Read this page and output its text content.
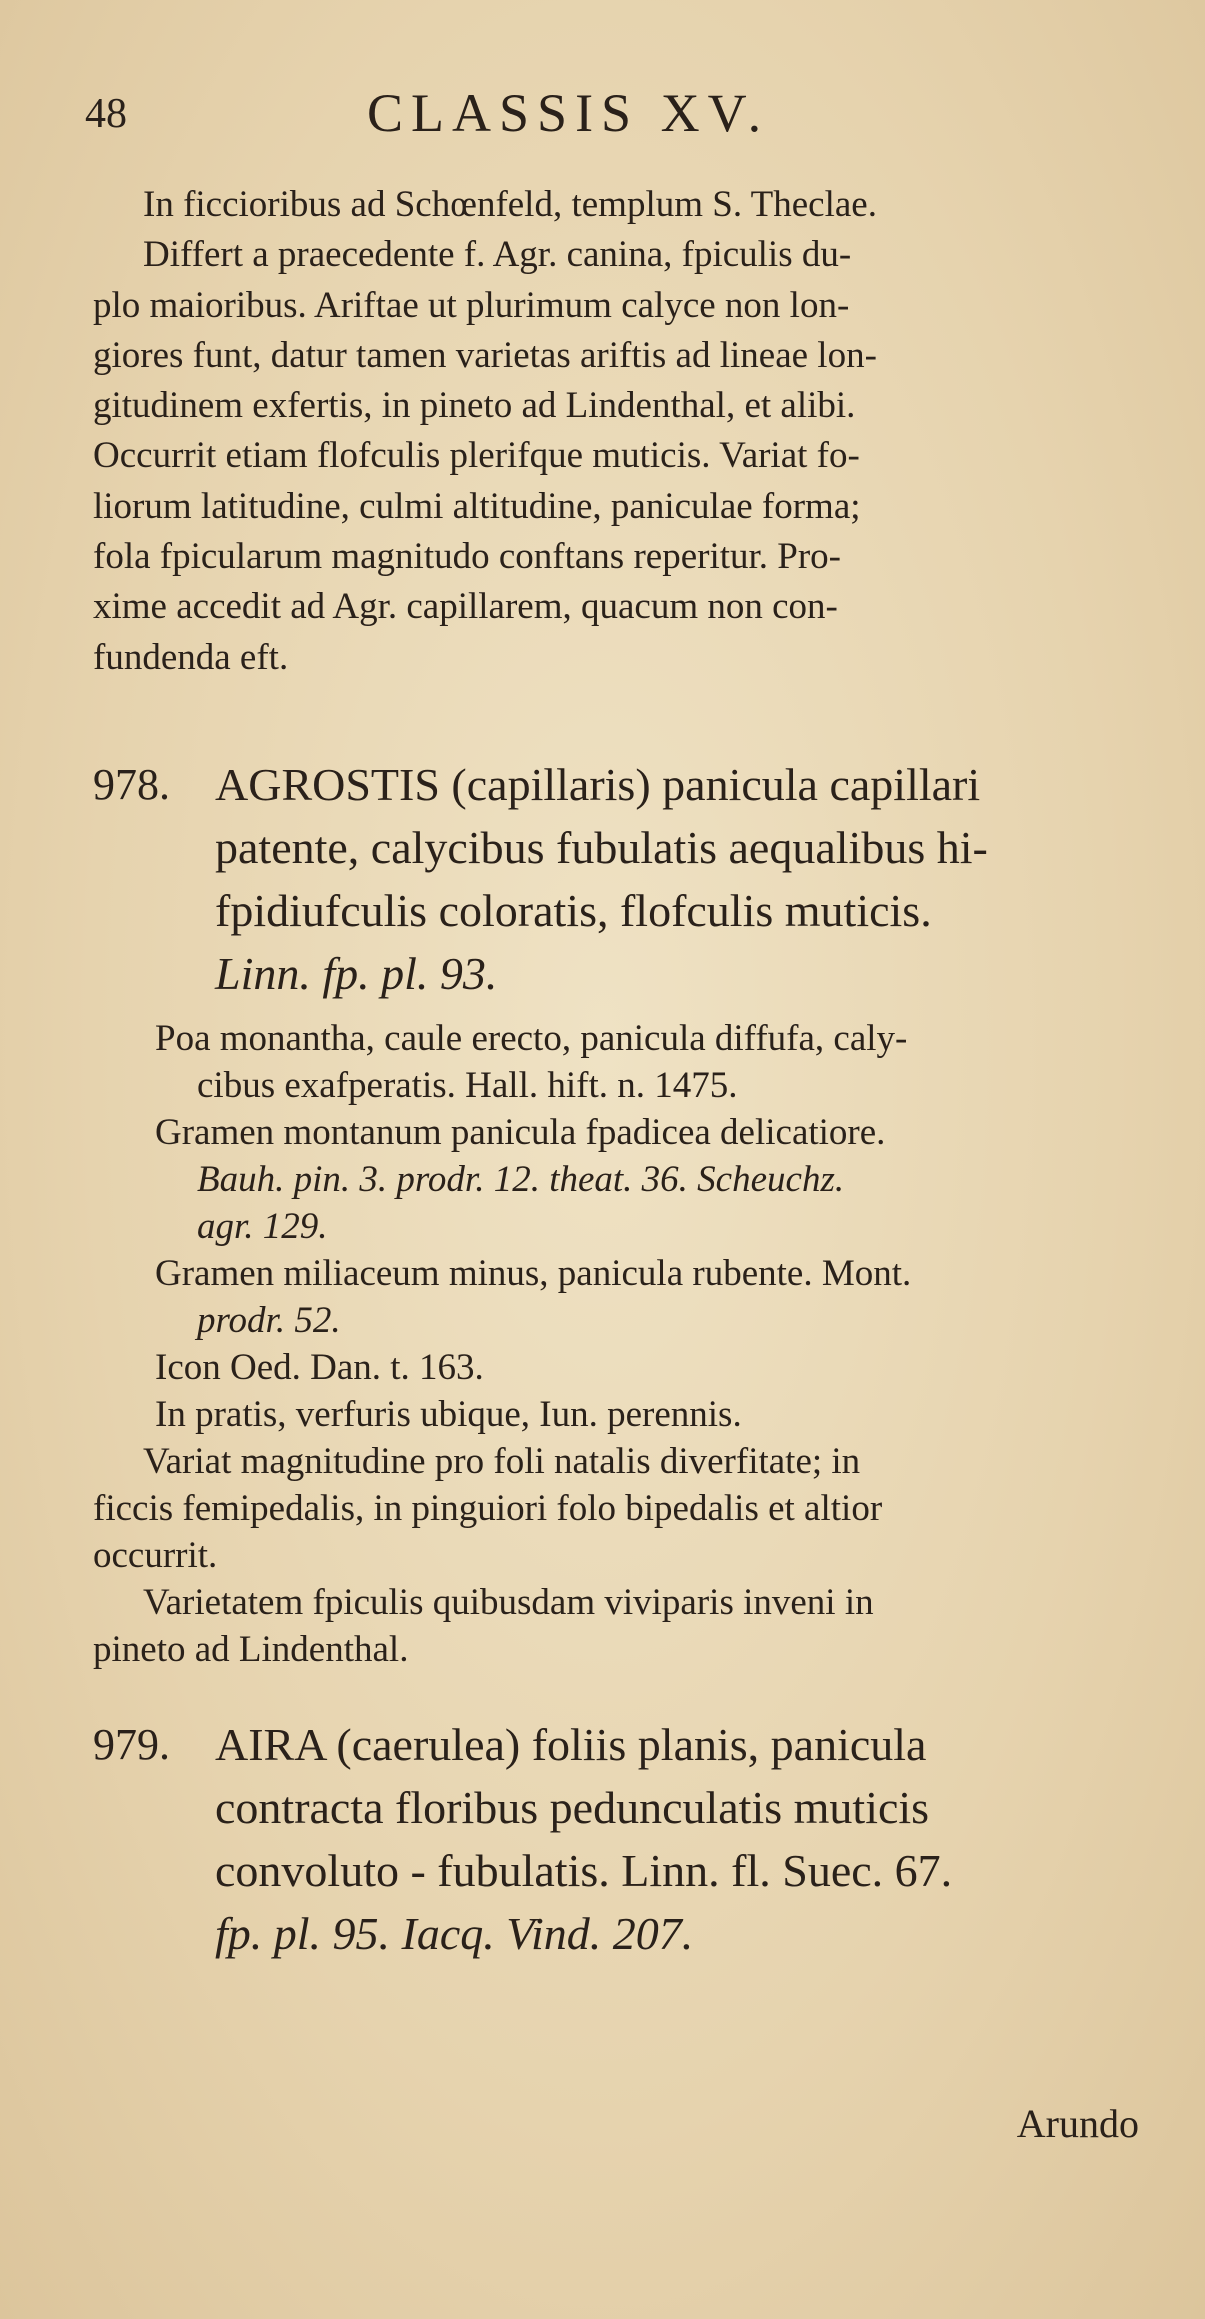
48	CLASSIS XV.

In ficcioribus ad Schœnfeld, templum S. Theclae.

Differt a praecedente f. Agr. canina, fpiculis du-

plo maioribus. Ariftae ut plurimum calyce non lon-

giores funt, datur tamen varietas ariftis ad lineae lon-

gitudinem exfertis, in pineto ad Lindenthal, et alibi.

Occurrit etiam flofculis plerifque muticis. Variat fo-

liorum latitudine, culmi altitudine, paniculae forma;

fola fpicularum magnitudo conftans reperitur. Pro-

xime accedit ad Agr. capillarem, quacum non con-

fundenda eft.

978. AGROSTIS (capillaris) panicula capillari
patente, calycibus fubulatis aequalibus hi-
fpidiufculis coloratis, flofculis muticis.
Linn. fp. pl. 93.
Poa monantha, caule erecto, panicula diffufa, caly-
cibus exafperatis. Hall. hift. n. 1475.
Gramen montanum panicula fpadicea delicatiore.
Bauh. pin. 3. prodr. 12. theat. 36. Scheuchz.
agr. 129.
Gramen miliaceum minus, panicula rubente. Mont.
prodr. 52.
Icon Oed. Dan. t. 163.
In pratis, verfuris ubique, Iun. perennis.
Variat magnitudine pro foli natalis diverfitate; in
ficcis femipedalis, in pinguiori folo bipedalis et altior
occurrit.
Varietatem fpiculis quibusdam viviparis inveni in
pineto ad Lindenthal.
979. AIRA (caerulea) foliis planis, panicula
contracta floribus pedunculatis muticis
convoluto - fubulatis. Linn. fl. Suec. 67.
fp. pl. 95. Iacq. Vind. 207.
Arundo
